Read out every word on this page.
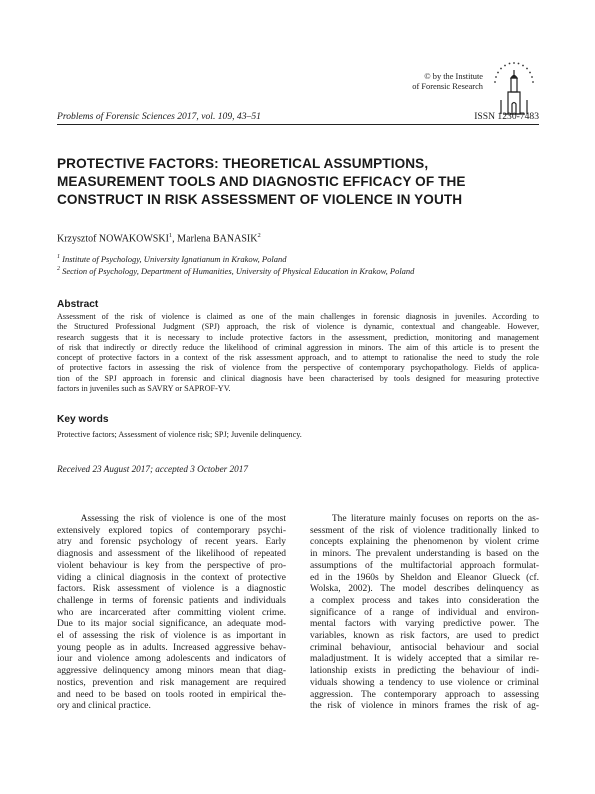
© by the Institute
of Forensic Research
Problems of Forensic Sciences 2017, vol. 109, 43–51	ISSN 1230-7483
PROTECTIVE FACTORS: THEORETICAL ASSUMPTIONS,
MEASUREMENT TOOLS AND DIAGNOSTIC EFFICACY OF THE
CONSTRUCT IN RISK ASSESSMENT OF VIOLENCE IN YOUTH
Krzysztof NOWAKOWSKI$^1$, Marlena BANASIK$^2$
$^1$ Institute of Psychology, University Ignatianum in Krakow, Poland
$^2$ Section of Psychology, Department of Humanities, University of Physical Education in Krakow, Poland
Abstract
Assessment of the risk of violence is claimed as one of the main challenges in forensic diagnosis in juveniles. According to
the Structured Professional Judgment (SPJ) approach, the risk of violence is dynamic, contextual and changeable. However,
research suggests that it is necessary to include protective factors in the assessment, prediction, monitoring and management
of risk that indirectly or directly reduce the likelihood of criminal aggression in minors. The aim of this article is to present the
concept of protective factors in a context of the risk assessment approach, and to attempt to rationalise the need to study the role
of protective factors in assessing the risk of violence from the perspective of contemporary psychopathology. Fields of applica-
tion of the SPJ approach in forensic and clinical diagnosis have been characterised by tools designed for measuring protective
factors in juveniles such as SAVRY or SAPROF-YV.
Key words
Protective factors; Assessment of violence risk; SPJ; Juvenile delinquency.
Received 23 August 2017; accepted 3 October 2017
Assessing the risk of violence is one of the most
extensively explored topics of contemporary psychi-
atry and forensic psychology of recent years. Early
diagnosis and assessment of the likelihood of repeated
violent behaviour is key from the perspective of pro-
viding a clinical diagnosis in the context of protective
factors. Risk assessment of violence is a diagnostic
challenge in terms of forensic patients and individuals
who are incarcerated after committing violent crime.
Due to its major social significance, an adequate mod-
el of assessing the risk of violence is as important in
young people as in adults. Increased aggressive behav-
iour and violence among adolescents and indicators of
aggressive delinquency among minors mean that diag-
nostics, prevention and risk management are required
and need to be based on tools rooted in empirical the-
ory and clinical practice.
The literature mainly focuses on reports on the as-
sessment of the risk of violence traditionally linked to
concepts explaining the phenomenon by violent crime
in minors. The prevalent understanding is based on the
assumptions of the multifactorial approach formulat-
ed in the 1960s by Sheldon and Eleanor Glueck (cf.
Wolska, 2002). The model describes delinquency as
a complex process and takes into consideration the
significance of a range of individual and environ-
mental factors with varying predictive power. The
variables, known as risk factors, are used to predict
criminal behaviour, antisocial behaviour and social
maladjustment. It is widely accepted that a similar re-
lationship exists in predicting the behaviour of indi-
viduals showing a tendency to use violence or criminal
aggression. The contemporary approach to assessing
the risk of violence in minors frames the risk of ag-
